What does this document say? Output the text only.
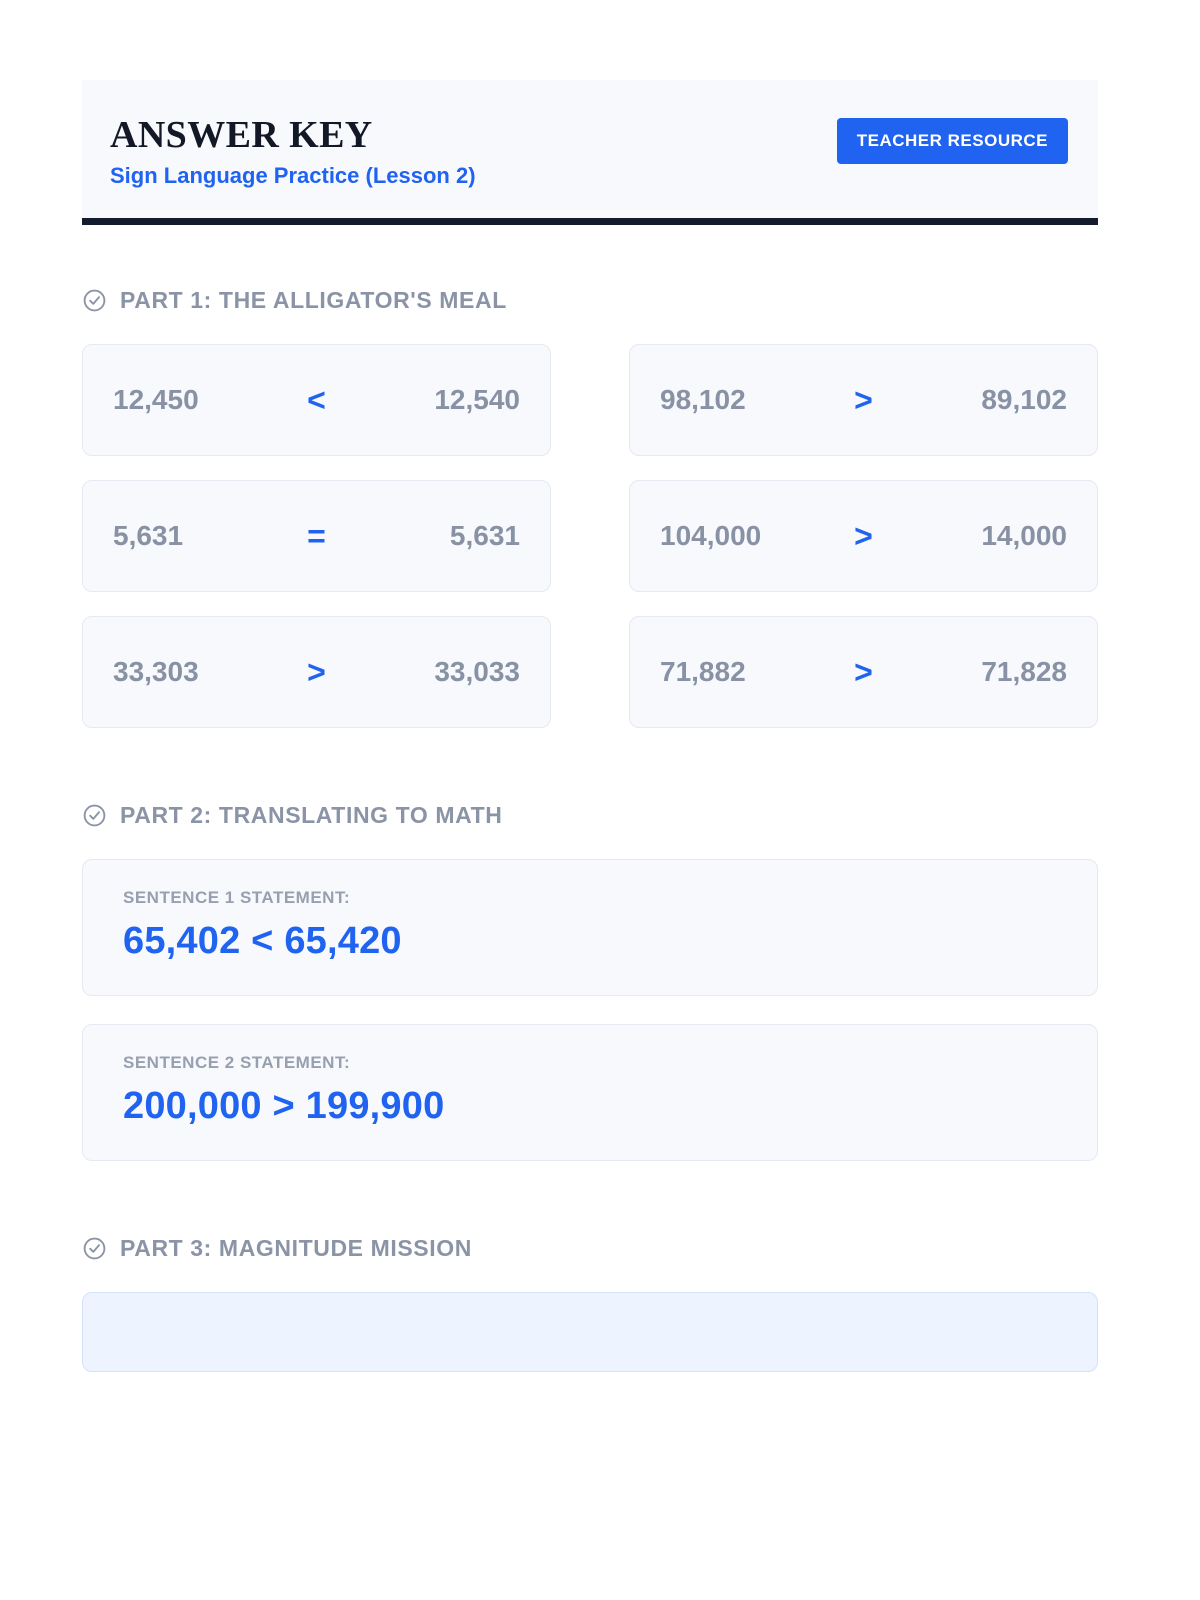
ANSWER KEY
Sign Language Practice (Lesson 2)
TEACHER RESOURCE
PART 1: THE ALLIGATOR'S MEAL
12,450	<	12,540	98,102	>	89,102
5,631	=	5,631	104,000	>	14,000
33,303	>	33,033	71,882	>	71,828
PART 2: TRANSLATING TO MATH
SENTENCE 1 STATEMENT:
65,402 < 65,420
SENTENCE 2 STATEMENT:
200,000 > 199,900
PART 3: MAGNITUDE MISSION
